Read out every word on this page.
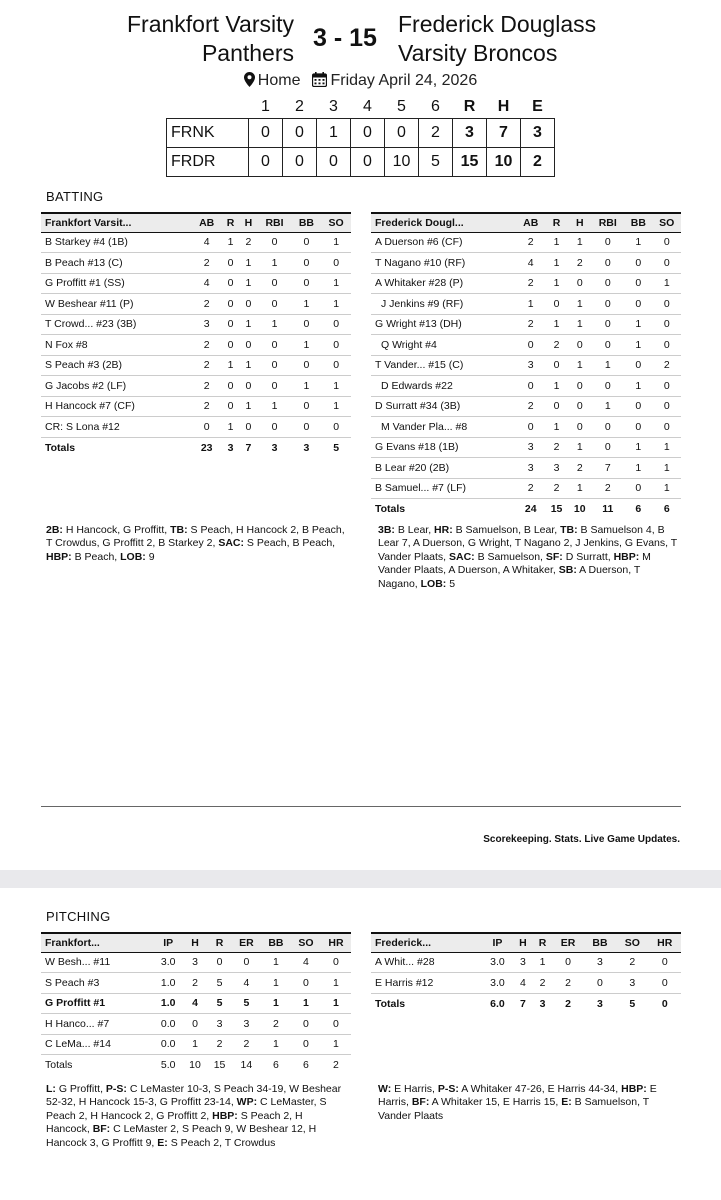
Frankfort Varsity
Panthers
3 - 15 Frederick Douglass
Varsity Broncos
Home Friday April 24, 2026
	1	2	3	4	5	6	R	H	E
FRNK	0	0	1	0	0	2	3	7	3
FRDR	0	0	0	0	10	5	15	10	2
BATTING
Frankfort Varsit...	AB	R	H	RBI	BB	SO
B Starkey #4 (1B)	4	1	2	0	0	1
B Peach #13 (C)	2	0	1	1	0	0
G Proffitt #1 (SS)	4	0	1	0	0	1
W Beshear #11 (P)	2	0	0	0	1	1
T Crowd... #23 (3B)	3	0	1	1	0	0
N Fox #8	2	0	0	0	1	0
S Peach #3 (2B)	2	1	1	0	0	0
G Jacobs #2 (LF)	2	0	0	0	1	1
H Hancock #7 (CF)	2	0	1	1	0	1
CR: S Lona #12	0	1	0	0	0	0
Totals	23	3	7	3	3	5
Frederick Dougl...	AB	R	H	RBI	BB	SO
A Duerson #6 (CF)	2	1	1	0	1	0
T Nagano #10 (RF)	4	1	2	0	0	0
A Whitaker #28 (P)	2	1	0	0	0	1
J Jenkins #9 (RF)	1	0	1	0	0	0
G Wright #13 (DH)	2	1	1	0	1	0
Q Wright #4	0	2	0	0	1	0
T Vander... #15 (C)	3	0	1	1	0	2
D Edwards #22	0	1	0	0	1	0
D Surratt #34 (3B)	2	0	0	1	0	0
M Vander Pla... #8	0	1	0	0	0	0
G Evans #18 (1B)	3	2	1	0	1	1
B Lear #20 (2B)	3	3	2	7	1	1
B Samuel... #7 (LF)	2	2	1	2	0	1
Totals	24	15	10	11	6	6
2B: H Hancock, G Proffitt, TB: S Peach, H Hancock 2, B Peach, T Crowdus, G Proffitt 2, B Starkey 2, SAC: S Peach, B Peach, HBP: B Peach, LOB: 9
3B: B Lear, HR: B Samuelson, B Lear, TB: B Samuelson 4, B Lear 7, A Duerson, G Wright, T Nagano 2, J Jenkins, G Evans, T Vander Plaats, SAC: B Samuelson, SF: D Surratt, HBP: M Vander Plaats, A Duerson, A Whitaker, SB: A Duerson, T Nagano, LOB: 5
Scorekeeping. Stats. Live Game Updates.
PITCHING
Frankfort...	IP	H	R	ER	BB	SO	HR
W Besh... #11	3.0	3	0	0	1	4	0
S Peach #3	1.0	2	5	4	1	0	1
G Proffitt #1	1.0	4	5	5	1	1	1
H Hanco... #7	0.0	0	3	3	2	0	0
C LeMa... #14	0.0	1	2	2	1	0	1
Totals	5.0	10	15	14	6	6	2
Frederick...	IP	H	R	ER	BB	SO	HR
A Whit... #28	3.0	3	1	0	3	2	0
E Harris #12	3.0	4	2	2	0	3	0
Totals	6.0	7	3	2	3	5	0
L: G Proffitt, P-S: C LeMaster 10-3, S Peach 34-19, W Beshear 52-32, H Hancock 15-3, G Proffitt 23-14, WP: C LeMaster, S Peach 2, H Hancock 2, G Proffitt 2, HBP: S Peach 2, H Hancock, BF: C LeMaster 2, S Peach 9, W Beshear 12, H Hancock 3, G Proffitt 9, E: S Peach 2, T Crowdus
W: E Harris, P-S: A Whitaker 47-26, E Harris 44-34, HBP: E Harris, BF: A Whitaker 15, E Harris 15, E: B Samuelson, T Vander Plaats
